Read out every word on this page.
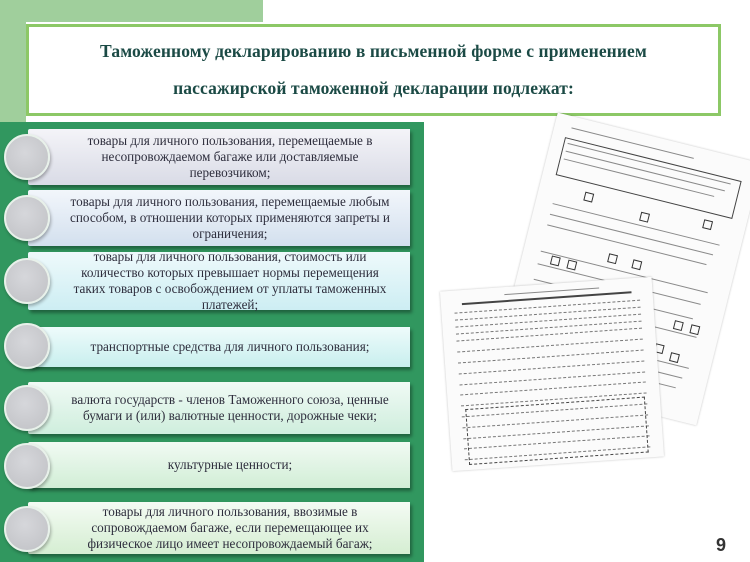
Таможенному декларированию в письменной форме с применением
пассажирской таможенной декларации подлежат:
товары для личного пользования, перемещаемые в несопровождаемом багаже или доставляемые перевозчиком;
товары для личного пользования, перемещаемые любым способом, в отношении которых применяются запреты и ограничения;
товары для личного пользования, стоимость или количество которых превышает нормы перемещения таких товаров с освобождением от уплаты таможенных платежей;
транспортные средства для личного пользования;
валюта государств - членов Таможенного союза, ценные бумаги и (или) валютные ценности, дорожные чеки;
культурные ценности;
товары для личного пользования, ввозимые в сопровождаемом багаже, если перемещающее их физическое лицо имеет несопровождаемый багаж;	9
